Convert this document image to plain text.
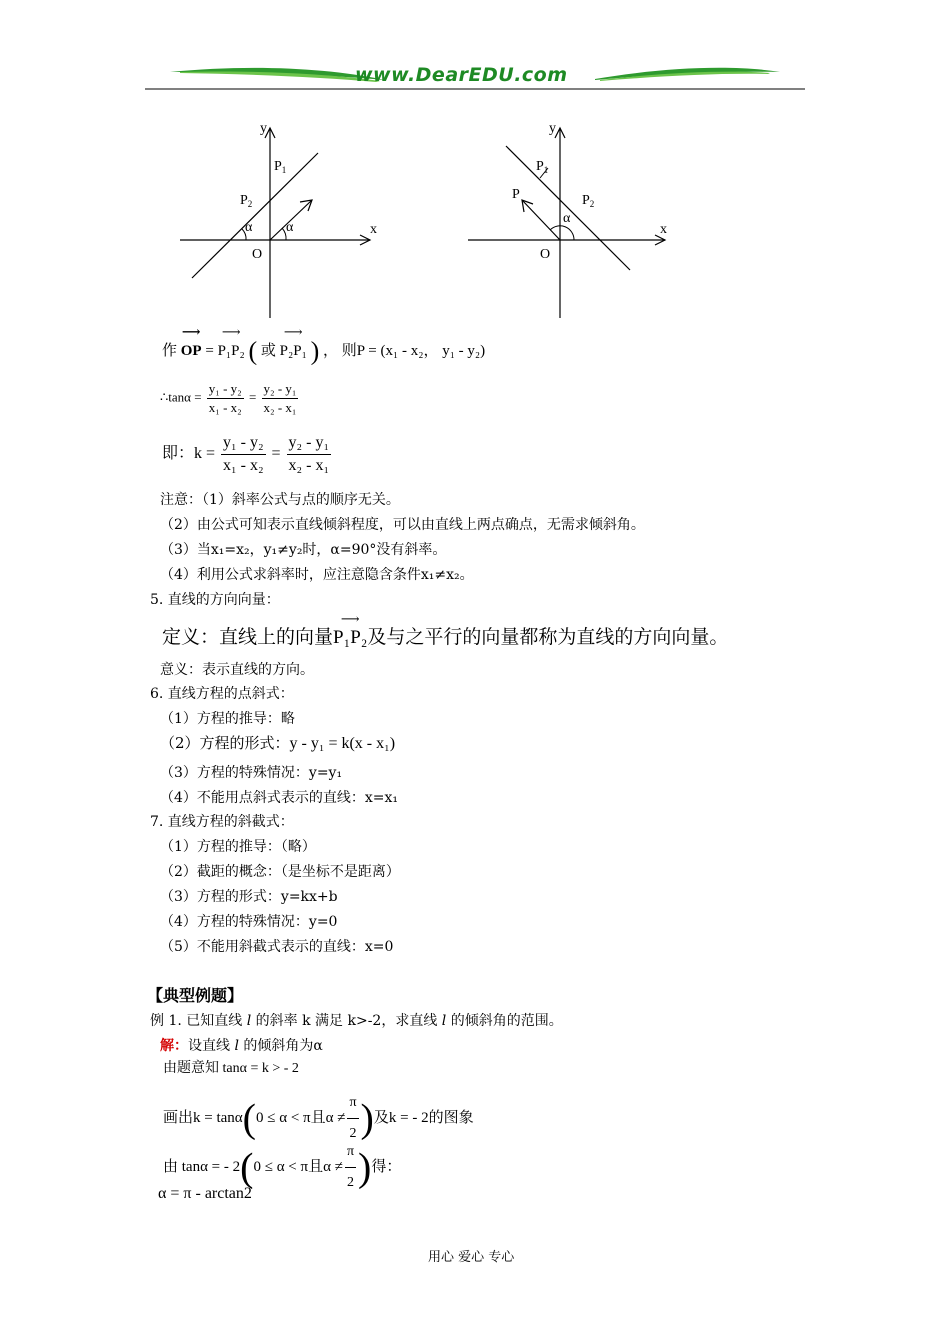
www.DearEDU.com
y
x
O
$P_1$
$P_2$
α α
y
x
O
$P_1$
P	$P_2$
α
作 ⟶ OP = ⟶ P₁P₂ ( 或 ⟶ P₂P₁ ) ， 则P = (x₁ - x₂， y₁ - y₂)
∴tanα = $\frac{\text{y₁ - y₂}}{\text{x₁ - x₂}} = \frac{\text{y₂ - y₁}}{\text{x₂ - x₁}}$
即：$k = \frac{\text{y₁ - y₂}}{\text{x₁ - x₂}} = \frac{\text{y₂ - y₁}}{\text{x₂ - x₁}}$
注意：（1）斜率公式与点的顺序无关。
（2）由公式可知表示直线倾斜程度，可以由直线上两点确点，无需求倾斜角。
（3）当x₁=x₂，y₁≠y₂时，α=90°没有斜率。
（4）利用公式求斜率时，应注意隐含条件x₁≠x₂。
5. 直线的方向向量：
定义：直线上的向量⟶ P₁P₂及与之平行的向量都称为直线的方向向量。
意义：表示直线的方向。
6. 直线方程的点斜式：
（1）方程的推导：略
（2）方程的形式：y - y₁ = k(x - x₁)
（3）方程的特殊情况：y=y₁
（4）不能用点斜式表示的直线：x=x₁
7. 直线方程的斜截式：
（1）方程的推导：（略）
（2）截距的概念：（是坐标不是距离）
（3）方程的形式：y=kx+b
（4）方程的特殊情况：y=0
（5）不能用斜截式表示的直线：x=0
【典型例题】
例 1. 已知直线 l 的斜率 k 满足 k>-2，求直线 l 的倾斜角的范围。
解：设直线 l 的倾斜角为α
由题意知 tanα = k > - 2
画出k = tanα(0 ≤ α < π且$\alpha \ne \frac{\pi}{2}$ )及k = - 2的图象
由 tanα = - 2(0 ≤ α < π且$\alpha \ne \frac{\pi}{2}$ )得：
α = π - arctan2
用心 爱心 专心
